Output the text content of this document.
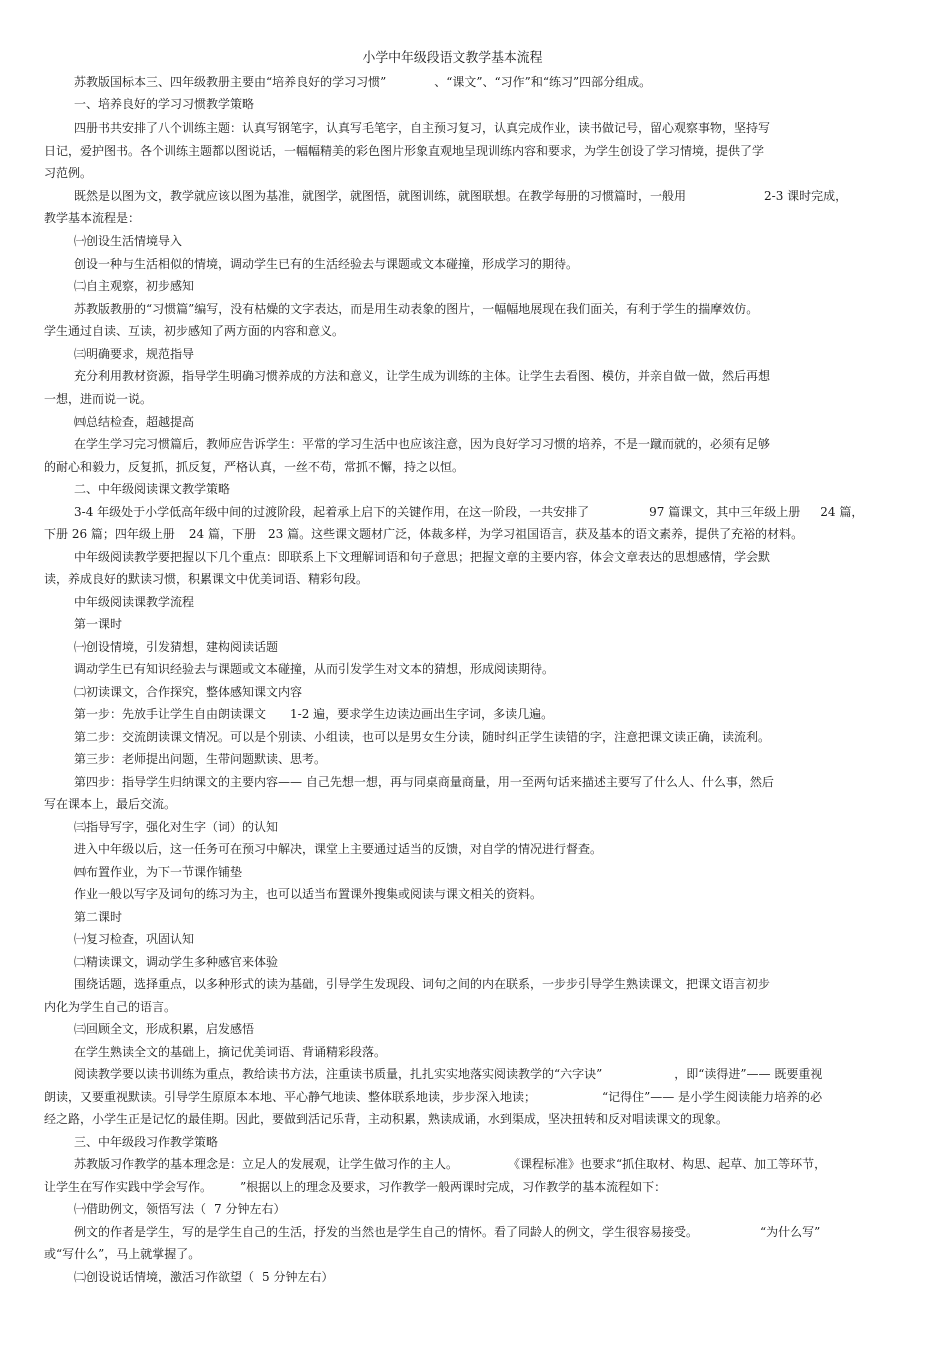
小学中年级段语文教学基本流程
苏教版国标本三、四年级教册主要由“培养良好的学习习惯”	、“课文”、“习作”和“练习”四部分组成。
一、培养良好的学习习惯教学策略
四册书共安排了八个训练主题：认真写钢笔字，认真写毛笔字，自主预习复习，认真完成作业，读书做记号，留心观察事物，坚持写
日记，爱护图书。各个训练主题都以图说话，一幅幅精美的彩色图片形象直观地呈现训练内容和要求，为学生创设了学习情境，提供了学
习范例。
既然是以图为文，教学就应该以图为基准，就图学，就图悟，就图训练，就图联想。在教学每册的习惯篇时，一般用	2-3 课时完成，
教学基本流程是：
㈠创设生活情境导入
创设一种与生活相似的情境，调动学生已有的生活经验去与课题或文本碰撞，形成学习的期待。
㈡自主观察，初步感知
苏教版教册的“习惯篇”编写，没有枯燥的文字表达，而是用生动表象的图片，一幅幅地展现在我们面关，有利于学生的揣摩效仿。
学生通过自读、互读，初步感知了两方面的内容和意义。
㈢明确要求，规范指导
充分利用教材资源，指导学生明确习惯养成的方法和意义，让学生成为训练的主体。让学生去看图、模仿，并亲自做一做，然后再想
一想，进而说一说。
㈣总结检查，超越提高
在学生学习完习惯篇后，教师应告诉学生：平常的学习生活中也应该注意，因为良好学习习惯的培养，不是一蹴而就的，必须有足够
的耐心和毅力，反复抓，抓反复，严格认真，一丝不苟，常抓不懈，持之以恒。
二、中年级阅读课文教学策略
3-4 年级处于小学低高年级中间的过渡阶段，起着承上启下的关键作用，在这一阶段，一共安排了	97 篇课文，其中三年级上册 24 篇，
下册 26 篇；四年级上册 24 篇，下册 23 篇。这些课文题材广泛，体裁多样，为学习祖国语言，获及基本的语文素养，提供了充裕的材料。
中年级阅读教学要把握以下几个重点：即联系上下文理解词语和句子意思；把握文章的主要内容，体会文章表达的思想感情，学会默
读，养成良好的默读习惯，积累课文中优美词语、精彩句段。
中年级阅读课教学流程
第一课时
㈠创设情境，引发猜想，建构阅读话题
调动学生已有知识经验去与课题或文本碰撞，从而引发学生对文本的猜想，形成阅读期待。
㈡初读课文，合作探究，整体感知课文内容
第一步：先放手让学生自由朗读课文 1-2 遍，要求学生边读边画出生字词，多读几遍。
第二步：交流朗读课文情况。可以是个别读、小组读，也可以是男女生分读，随时纠正学生读错的字，注意把课文读正确，读流利。
第三步：老师提出问题，生带问题默读、思考。
第四步：指导学生归纳课文的主要内容—— 自己先想一想，再与同桌商量商量，用一至两句话来描述主要写了什么人、什么事，然后
写在课本上，最后交流。
㈢指导写字，强化对生字（词）的认知
进入中年级以后，这一任务可在预习中解决，课堂上主要通过适当的反馈，对自学的情况进行督查。
㈣布置作业，为下一节课作铺垫
作业一般以写字及词句的练习为主，也可以适当布置课外搜集或阅读与课文相关的资料。
第二课时
㈠复习检查，巩固认知
㈡精读课文，调动学生多种感官来体验
围绕话题，选择重点，以多种形式的读为基础，引导学生发现段、词句之间的内在联系，一步步引导学生熟读课文，把课文语言初步
内化为学生自己的语言。
㈢回顾全文，形成积累，启发感悟
在学生熟读全文的基础上，摘记优美词语、背诵精彩段落。
阅读教学要以读书训练为重点，教给读书方法，注重读书质量，扎扎实实地落实阅读教学的“六字诀”	，即“读得进”—— 既要重视
朗读，又要重视默读。引导学生原原本本地、平心静气地读、整体联系地读，步步深入地读；	“记得住”—— 是小学生阅读能力培养的必
经之路，小学生正是记忆的最佳期。因此，要做到活记乐背，主动积累，熟读成诵，水到渠成，坚决扭转和反对唱读课文的现象。
三、中年级段习作教学策略
苏教版习作教学的基本理念是：立足人的发展观，让学生做习作的主人。	《课程标准》也要求“抓住取材、构思、起草、加工等环节，
让学生在写作实践中学会写作。 ”根据以上的理念及要求，习作教学一般两课时完成，习作教学的基本流程如下：
㈠借助例文，领悟写法（ 7 分钟左右）
例文的作者是学生，写的是学生自己的生活，抒发的当然也是学生自己的情怀。看了同龄人的例文，学生很容易接受。	“为什么写”
或“写什么”，马上就掌握了。
㈡创设说话情境，激活习作欲望（ 5 分钟左右）
